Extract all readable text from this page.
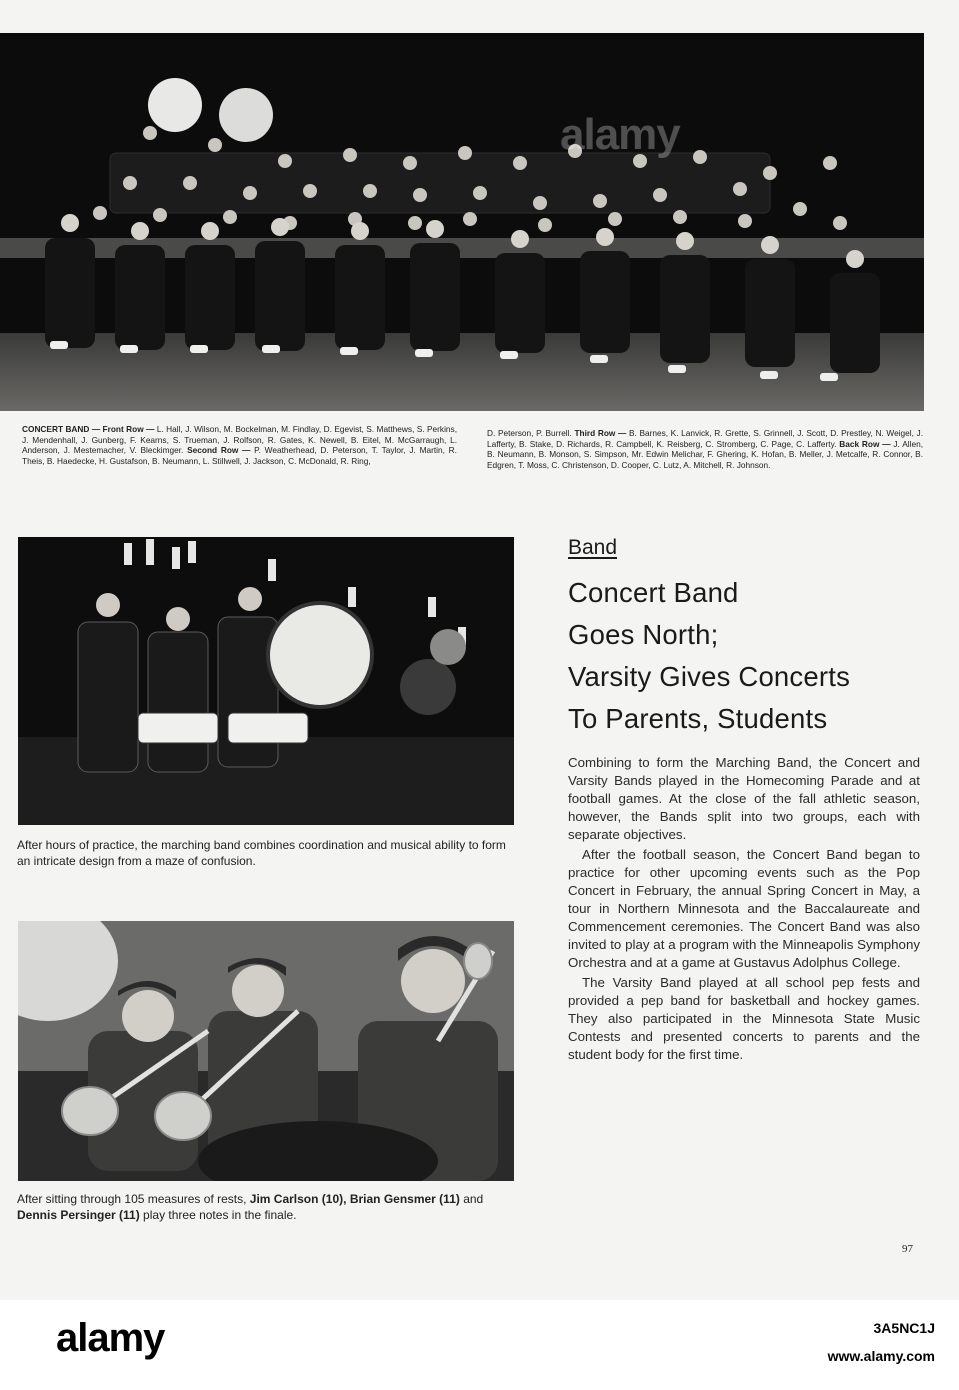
CONCERT BAND — Front Row — L. Hall, J. Wilson, M. Bockelman, M. Findlay, D. Egevist, S. Matthews, S. Perkins, J. Mendenhall, J. Gunberg, F. Kearns, S. Trueman, J. Rolfson, R. Gates, K. Newell, B. Eitel, M. McGarraugh, L. Anderson, J. Mestemacher, V. Bleckimger. Second Row — P. Weatherhead, D. Peterson, T. Taylor, J. Martin, R. Theis, B. Haedecke, H. Gustafson, B. Neumann, L. Stillwell, J. Jackson, C. McDonald, R. Ring,
D. Peterson, P. Burrell. Third Row — B. Barnes, K. Lanvick, R. Grette, S. Grinnell, J. Scott, D. Prestley, N. Weigel, J. Lafferty, B. Stake, D. Richards, R. Campbell, K. Reisberg, C. Stromberg, C. Page, C. Lafferty. Back Row — J. Allen, B. Neumann, B. Monson, S. Simpson, Mr. Edwin Melichar, F. Ghering, K. Hofan, B. Meller, J. Metcalfe, R. Connor, B. Edgren, T. Moss, C. Christenson, D. Cooper, C. Lutz, A. Mitchell, R. Johnson.
After hours of practice, the marching band combines coordination and musical ability to form an intricate design from a maze of confusion.
After sitting through 105 measures of rests, Jim Carlson (10), Brian Gensmer (11) and Dennis Persinger (11) play three notes in the finale.
Band
Concert Band
Goes North;
Varsity Gives Concerts
To Parents, Students

Combining to form the Marching Band, the Concert and Varsity Bands played in the Homecoming Parade and at football games. At the close of the fall athletic season, however, the Bands split into two groups, each with separate objectives.

After the football season, the Concert Band began to practice for other upcoming events such as the Pop Concert in February, the annual Spring Concert in May, a tour in Northern Minnesota and the Baccalaureate and Commencement ceremonies. The Concert Band was also invited to play at a program with the Minneapolis Symphony Orchestra and at a game at Gustavus Adolphus College.

The Varsity Band played at all school pep fests and provided a pep band for basketball and hockey games. They also participated in the Minnesota State Music Contests and presented concerts to parents and the student body for the first time.

97
alamy
alamy	3A5NC1J
www.alamy.com
